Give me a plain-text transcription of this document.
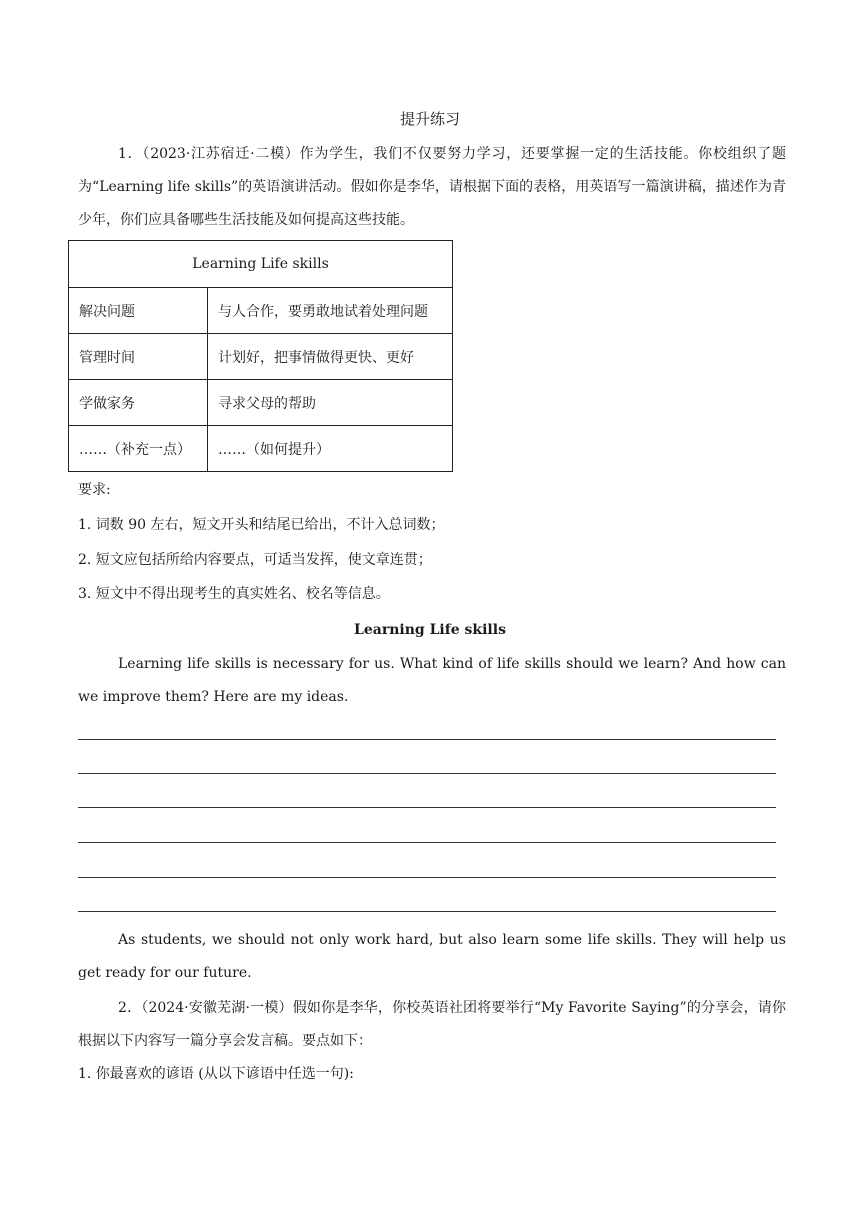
提升练习
1．（2023·江苏宿迁·二模）作为学生，我们不仅要努力学习，还要掌握一定的生活技能。你校组织了题为“Learning life skills”的英语演讲活动。假如你是李华，请根据下面的表格，用英语写一篇演讲稿，描述作为青少年，你们应具备哪些生活技能及如何提高这些技能。
Learning Life skills	
解决问题	与人合作，要勇敢地试着处理问题
管理时间	计划好，把事情做得更快、更好
学做家务	寻求父母的帮助
……（补充一点）	……（如何提升）
要求:
1. 词数 90 左右，短文开头和结尾已给出，不计入总词数；
2. 短文应包括所给内容要点，可适当发挥，使文章连贯；
3. 短文中不得出现考生的真实姓名、校名等信息。
Learning Life skills
Learning life skills is necessary for us. What kind of life skills should we learn? And how can we improve them? Here are my ideas.
As students, we should not only work hard, but also learn some life skills. They will help us get ready for our future.
2．（2024·安徽芜湖·一模）假如你是李华，你校英语社团将要举行“My Favorite Saying”的分享会，请你根据以下内容写一篇分享会发言稿。要点如下：
1. 你最喜欢的谚语 (从以下谚语中任选一句):
